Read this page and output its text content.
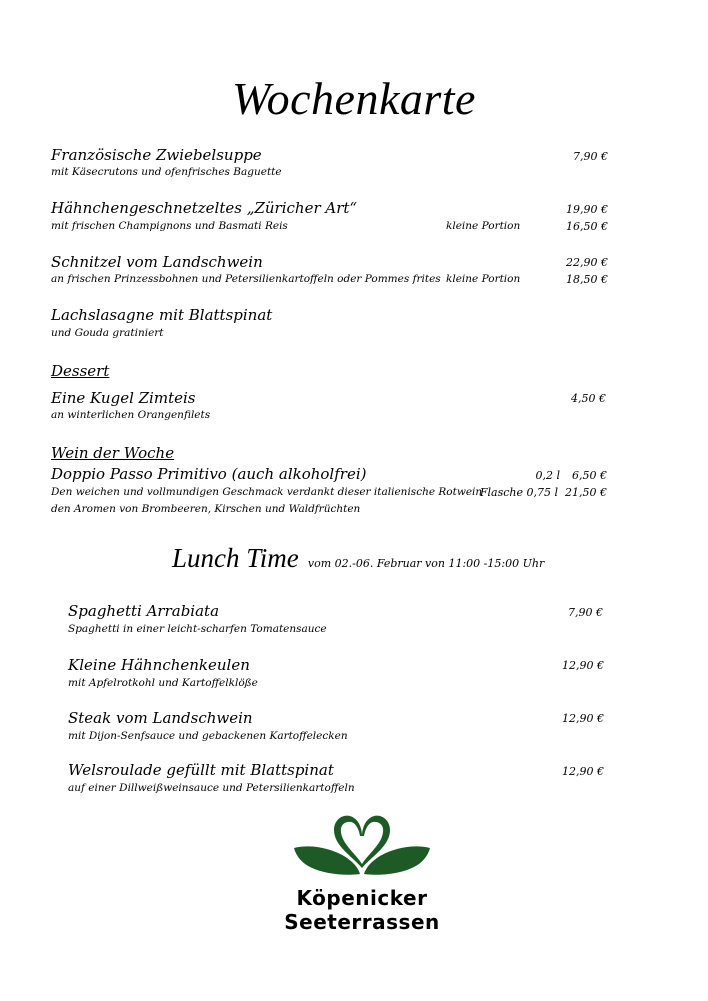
Wochenkarte
Französische Zwiebelsuppe
mit Käsecrutons und ofenfrisches Baguette
7,90 €
Hähnchengeschnetzeltes „Züricher Art“
mit frischen Champignons und Basmati Reis
19,90 €
kleine Portion	16,50 €
Schnitzel vom Landschwein
an frischen Prinzessbohnen und Petersilienkartoffeln oder Pommes frites
22,90 €
kleine Portion	18,50 €
Lachslasagne mit Blattspinat
und Gouda gratiniert
Dessert
Eine Kugel Zimteis
an winterlichen Orangenfilets
4,50 €
Wein der Woche
Doppio Passo Primitivo (auch alkoholfrei)
Den weichen und vollmundigen Geschmack verdankt dieser italienische Rotwein
den Aromen von Brombeeren, Kirschen und Waldfrüchten
0,2 l	6,50 €
Flasche 0,75 l 21,50 €
Lunch Time vom 02.-06. Februar von 11:00 -15:00 Uhr
Spaghetti Arrabiata
Spaghetti in einer leicht-scharfen Tomatensauce
7,90 €
Kleine Hähnchenkeulen
mit Apfelrotkohl und Kartoffelklöße
12,90 €
Steak vom Landschwein
mit Dijon-Senfsauce und gebackenen Kartoffelecken
12,90 €
Welsroulade gefüllt mit Blattspinat
auf einer Dillweißweinsauce und Petersilienkartoffeln
12,90 €
Köpenicker
Seeterrassen
